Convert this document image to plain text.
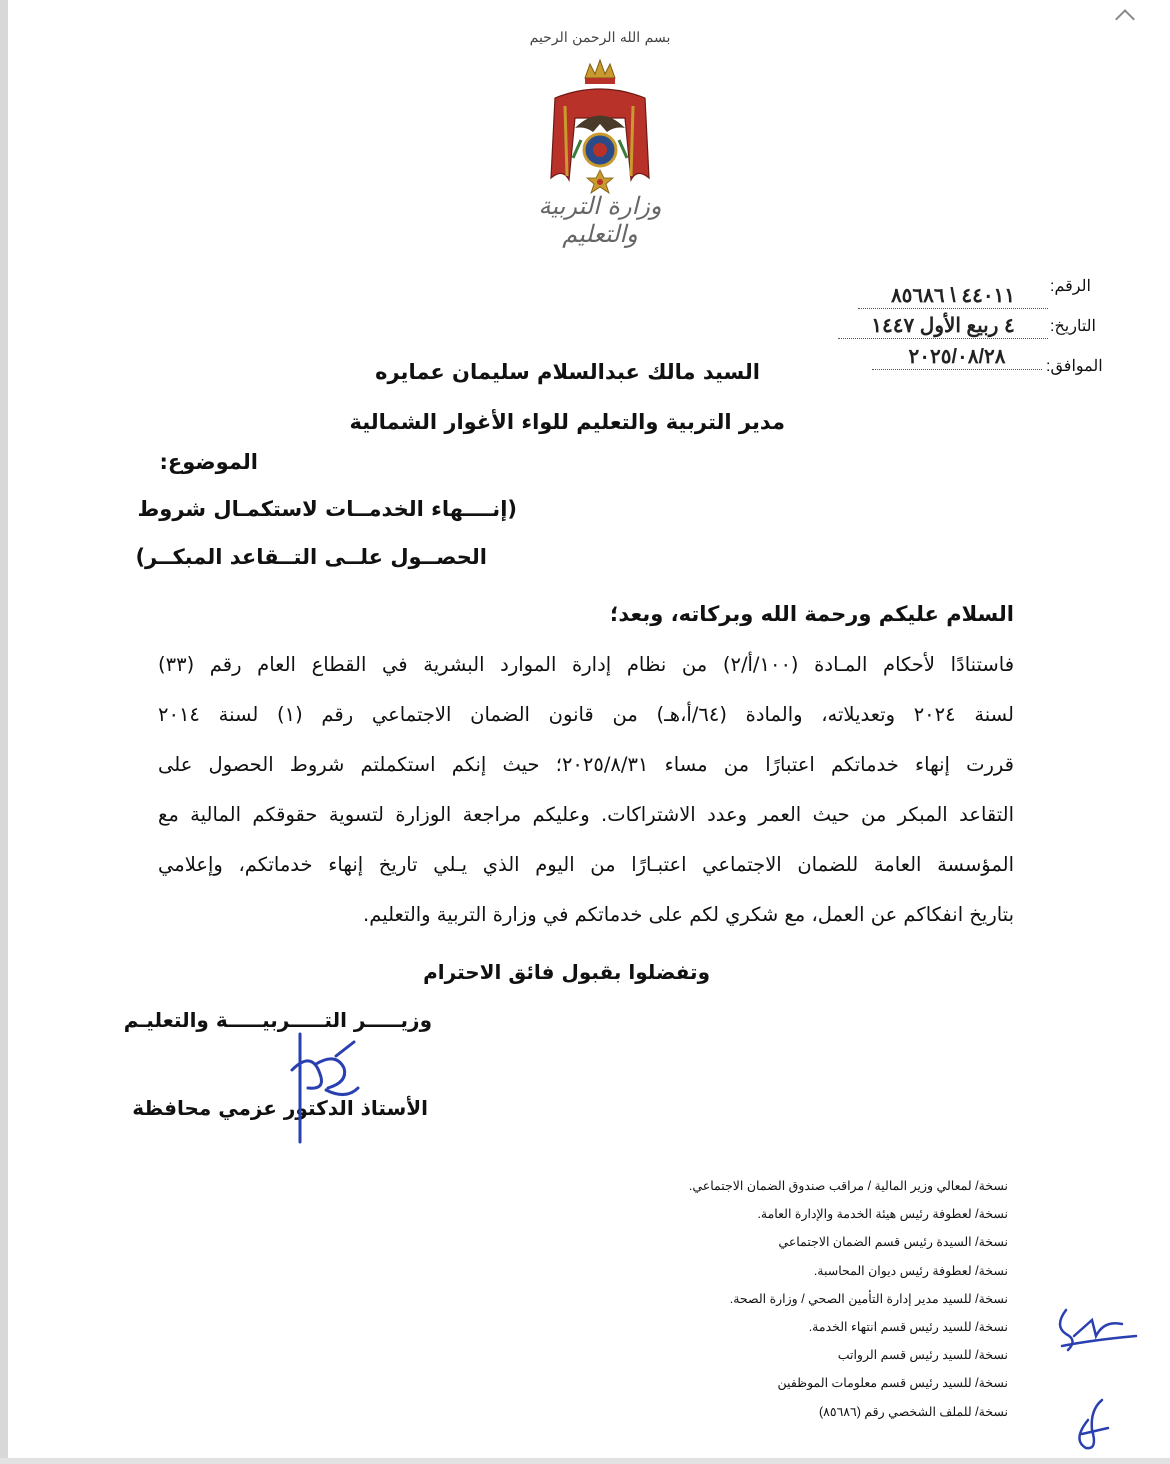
بسم الله الرحمن الرحيم
وزارة التربية والتعليم
الرقم:
٤٤٠١١ \ ٨٥٦٨٦
التاريخ:
٤ ربيع الأول ١٤٤٧
الموافق:
٢٠٢٥/٠٨/٢٨
السيد مالك عبدالسلام سليمان عمايره
مدير التربية والتعليم للواء الأغوار الشمالية
الموضوع:
(إنــــهاء الخدمــات لاستكمـال شروط
الحصــول علــى التــقاعد المبكــر)
السلام عليكم ورحمة الله وبركاته، وبعد؛
فاستنادًا لأحكام المـادة (١٠٠/أ/٢) من نظام إدارة الموارد البشرية في القطاع العام رقم (٣٣)
لسنة ٢٠٢٤ وتعديلاته، والمادة (٦٤/أ،هـ) من قانون الضمان الاجتماعي رقم (١) لسنة ٢٠١٤
قررت إنهاء خدماتكم اعتبارًا من مساء ٢٠٢٥/٨/٣١؛ حيث إنكم استكملتم شروط الحصول على
التقاعد المبكر من حيث العمر وعدد الاشتراكات. وعليكم مراجعة الوزارة لتسوية حقوقكم المالية مع
المؤسسة العامة للضمان الاجتماعي اعتبـارًا من اليوم الذي يـلي تاريخ إنهاء خدماتكم، وإعلامي
بتاريخ انفكاكم عن العمل، مع شكري لكم على خدماتكم في وزارة التربية والتعليم.
وتفضلوا بقبول فائق الاحترام
وزيـــــر التـــــربيـــــة والتعليـم
الأستاذ الدكتور عزمي محافظة
نسخة/ لمعالي وزير المالية / مراقب صندوق الضمان الاجتماعي.
نسخة/ لعطوفة رئيس هيئة الخدمة والإدارة العامة.
نسخة/ السيدة رئيس قسم الضمان الاجتماعي
نسخة/ لعطوفة رئيس ديوان المحاسبة.
نسخة/ للسيد مدير إدارة التأمين الصحي / وزارة الصحة.
نسخة/ للسيد رئيس قسم انتهاء الخدمة.
نسخة/ للسيد رئيس قسم الرواتب
نسخة/ للسيد رئيس قسم معلومات الموظفين
نسخة/ للملف الشخصي رقم (٨٥٦٨٦)
